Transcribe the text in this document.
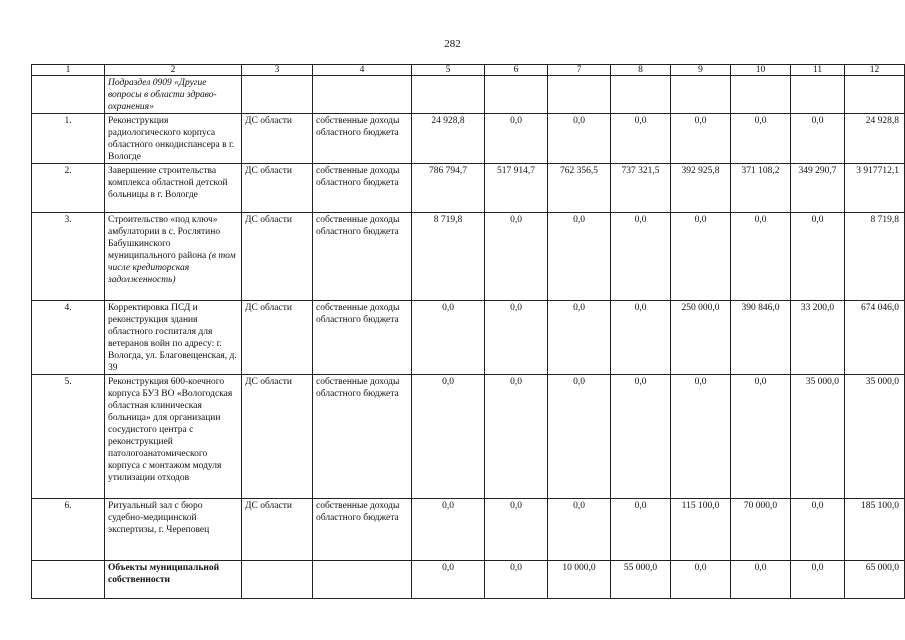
282
1	2	3	4	5	6	7	8	9	10	11	12
	Подраздел 0909 «Другие вопросы в области здраво-охранения»										
1.	Реконструкция радиологического корпуса областного онкодиспансера в г. Вологде	ДС области	собственные доходы областного бюджета	24 928,8	0,0	0,0	0,0	0,0	0,0	0,0	24 928,8
2.	Завершение строительства комплекса областной детской больницы в г. Вологде	ДС области	собственные доходы областного бюджета	786 794,7	517 914,7	762 356,5	737 321,5	392 925,8	371 108,2	349 290,7	3 917712,1
3.	Строительство «под ключ» амбулатории в с. Рослятино Бабушкинского муниципального района (в том числе кредиторская задолженность)	ДС области	собственные доходы областного бюджета	8 719,8	0,0	0,0	0,0	0,0	0,0	0,0	8 719,8
4.	Корректировка ПСД и реконструкция здания областного госпиталя для ветеранов войн по адресу: г. Вологда, ул. Благовещенская, д. 39	ДС области	собственные доходы областного бюджета	0,0	0,0	0,0	0,0	250 000,0	390 846,0	33 200,0	674 046,0
5.	Реконструкция 600-коечного корпуса БУЗ ВО «Вологодская областная клиническая больница» для организации сосудистого центра с реконструкцией патологоанатомического корпуса с монтажом модуля утилизации отходов	ДС области	собственные доходы областного бюджета	0,0	0,0	0,0	0,0	0,0	0,0	35 000,0	35 000,0
6.	Ритуальный зал с бюро судебно-медицинской экспертизы, г. Череповец	ДС области	собственные доходы областного бюджета	0,0	0,0	0,0	0,0	115 100,0	70 000,0	0,0	185 100,0
	Объекты муниципальной собственности			0,0	0,0	10 000,0	55 000,0	0,0	0,0	0,0	65 000,0
